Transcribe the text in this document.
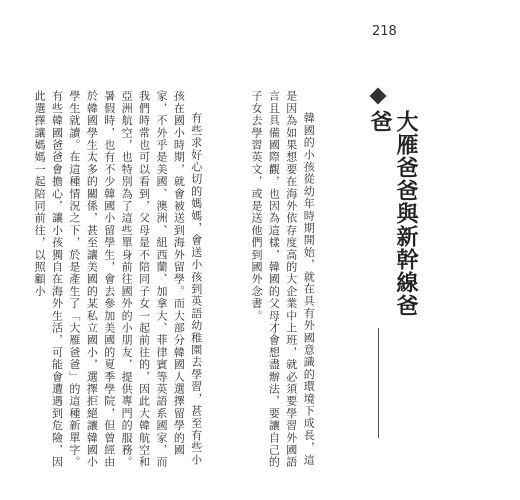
218
大雁爸爸與新幹線爸爸

韓國的小孩從幼年時期開始，就在具有外國意識的環境下成長，這是因為如果想要在海外依存度高的大企業中上班，就必須要學習外國語言且具備國際觀，也因為這樣，韓國的父母才會想盡辦法，要讓自己的子女去學習英文，或是送他們到國外念書。

有些求好心切的媽媽，會送小孩到英語幼稚園去學習，甚至有些小孩在國小時期，就會被送到海外留學。而大部分韓國人選擇留學的國家，不外乎是美國、澳洲、紐西蘭、加拿大、菲律賓等英語系國家，而我們時常也可以看到，父母是不陪同子女一起前往的，因此大韓航空和亞洲航空，也特別為了這些單身前往國外的小朋友，提供專門的服務。暑假時，也有不少韓國小留學生，會去參加美國的夏季學院，但曾經由於韓國學生太多的關係，甚至讓美國的某私立國小，選擇拒絕讓韓國小學生就讀。在這種情況之下，於是產生了「大雁爸爸」的這種新單字。有些韓國爸爸會擔心，讓小孩獨自在海外生活，可能會遭遇到危險，因此選擇讓媽媽一起陪同前往，以照顧小
